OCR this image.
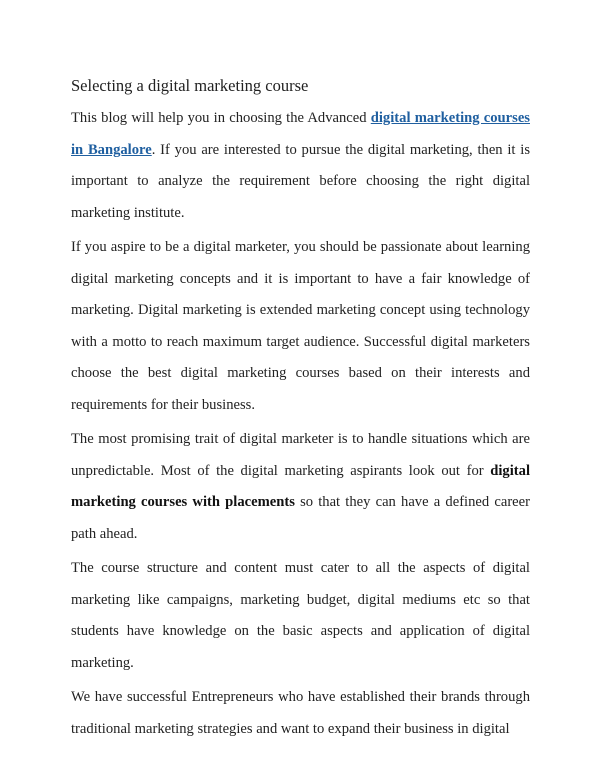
Selecting a digital marketing course

This blog will help you in choosing the Advanced digital marketing courses in Bangalore. If you are interested to pursue the digital marketing, then it is important to analyze the requirement before choosing the right digital marketing institute.

If you aspire to be a digital marketer, you should be passionate about learning digital marketing concepts and it is important to have a fair knowledge of marketing. Digital marketing is extended marketing concept using technology with a motto to reach maximum target audience. Successful digital marketers choose the best digital marketing courses based on their interests and requirements for their business.

The most promising trait of digital marketer is to handle situations which are unpredictable. Most of the digital marketing aspirants look out for digital marketing courses with placements so that they can have a defined career path ahead.

The course structure and content must cater to all the aspects of digital marketing like campaigns, marketing budget, digital mediums etc so that students have knowledge on the basic aspects and application of digital marketing.

We have successful Entrepreneurs who have established their brands through traditional marketing strategies and want to expand their business in digital
